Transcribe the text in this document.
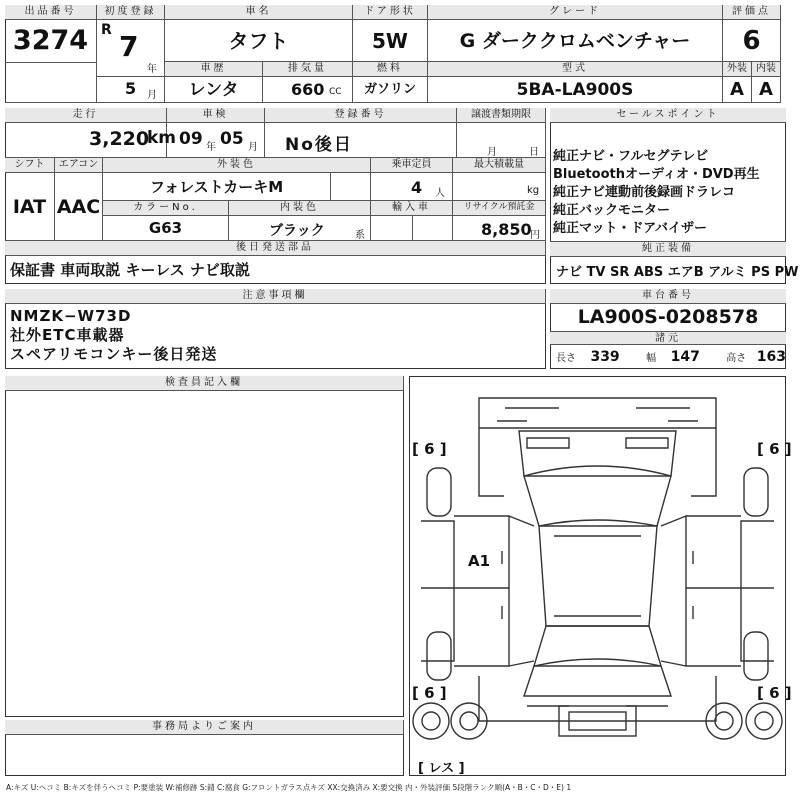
出品番号
3274
初度登録
R 7
年
5 月
車名
タフト
ドア形状
5W
グレード
G ダーククロムベンチャー
評価点
6
車歴
レンタ
排気量
660 CC
燃料
ガソリン
型式
5BA-LA900S
外装 内装
A A
走行
3,220
km
車検
09 年 05 月
登録番号
No後日
譲渡書類期限
月	日
シフト	エアコン
IAT AAC
外装色
フォレストカーキM
乗車定員
4 人
最大積載量
kg
カラーNo.
G63
内装色
ブラック	系
輸入車	リサイクル預託金
8,850
円
後日発送部品
保証書 車両取説 キーレス ナビ取説
セールスポイント
純正ナビ・フルセグテレビ
Bluetoothオーディオ・DVD再生
純正ナビ連動前後録画ドラレコ
純正バックモニター
純正マット・ドアバイザー
純正装備
ナビ TV SR ABS エアB アルミ PS PW
注意事項欄
NMZK−W73D
社外ETC車載器
スペアリモコンキー後日発送
車台番号
LA900S-0208578
諸元
長さ 339	幅 147	高さ 163
検査員記入欄
事務局よりご案内
[ 6 ]	[ 6 ]
[ 6 ]	[ 6 ]
A1
[ レス ]
A:キズ U:ヘコミ B:キズを伴うヘコミ P:要塗装 W:補修跡 S:錆 C:腐食 G:フロントガラス点キズ XX:交換済み X:要交換 内・外装評価 5段階ランク順(A・B・C・D・E) 1
